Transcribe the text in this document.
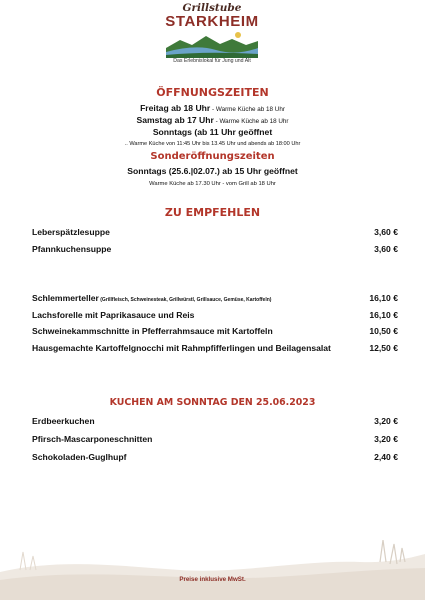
Grillstube
STARKHEIM
Das Erlebnislokal für Jung und Alt
ÖFFNUNGSZEITEN
Freitag ab 18 Uhr - Warme Küche ab 18 Uhr
Samstag ab 17 Uhr - Warme Küche ab 18 Uhr
Sonntags (ab 11 Uhr geöffnet
.. Warme Küche von 11:45 Uhr bis 13.45 Uhr und abends ab 18:00 Uhr
Sonderöffnungszeiten
Sonntags (25.6.|02.07.) ab 15 Uhr geöffnet
Warme Küche ab 17.30 Uhr - vom Grill ab 18 Uhr
ZU EMPFEHLEN
Leberspätzlesuppe	3,60 €
Pfannkuchensuppe	3,60 €
Schlemmerteller (Grillfleisch, Schweinesteak, Grillwürstl, Grillsauce, Gemüse, Kartoffeln)	16,10 €
Lachsforelle mit Paprikasauce und Reis	16,10 €
Schweinekammschnitte in Pfefferrahmsauce mit Kartoffeln	10,50 €
Hausgemachte Kartoffelgnocchi mit Rahmpfifferlingen und Beilagensalat	12,50 €
KUCHEN AM SONNTAG DEN 25.06.2023
Erdbeerkuchen	3,20 €
Pfirsch-Mascarponeschnitten	3,20 €
Schokoladen-Guglhupf	2,40 €
Preise inklusive MwSt.
